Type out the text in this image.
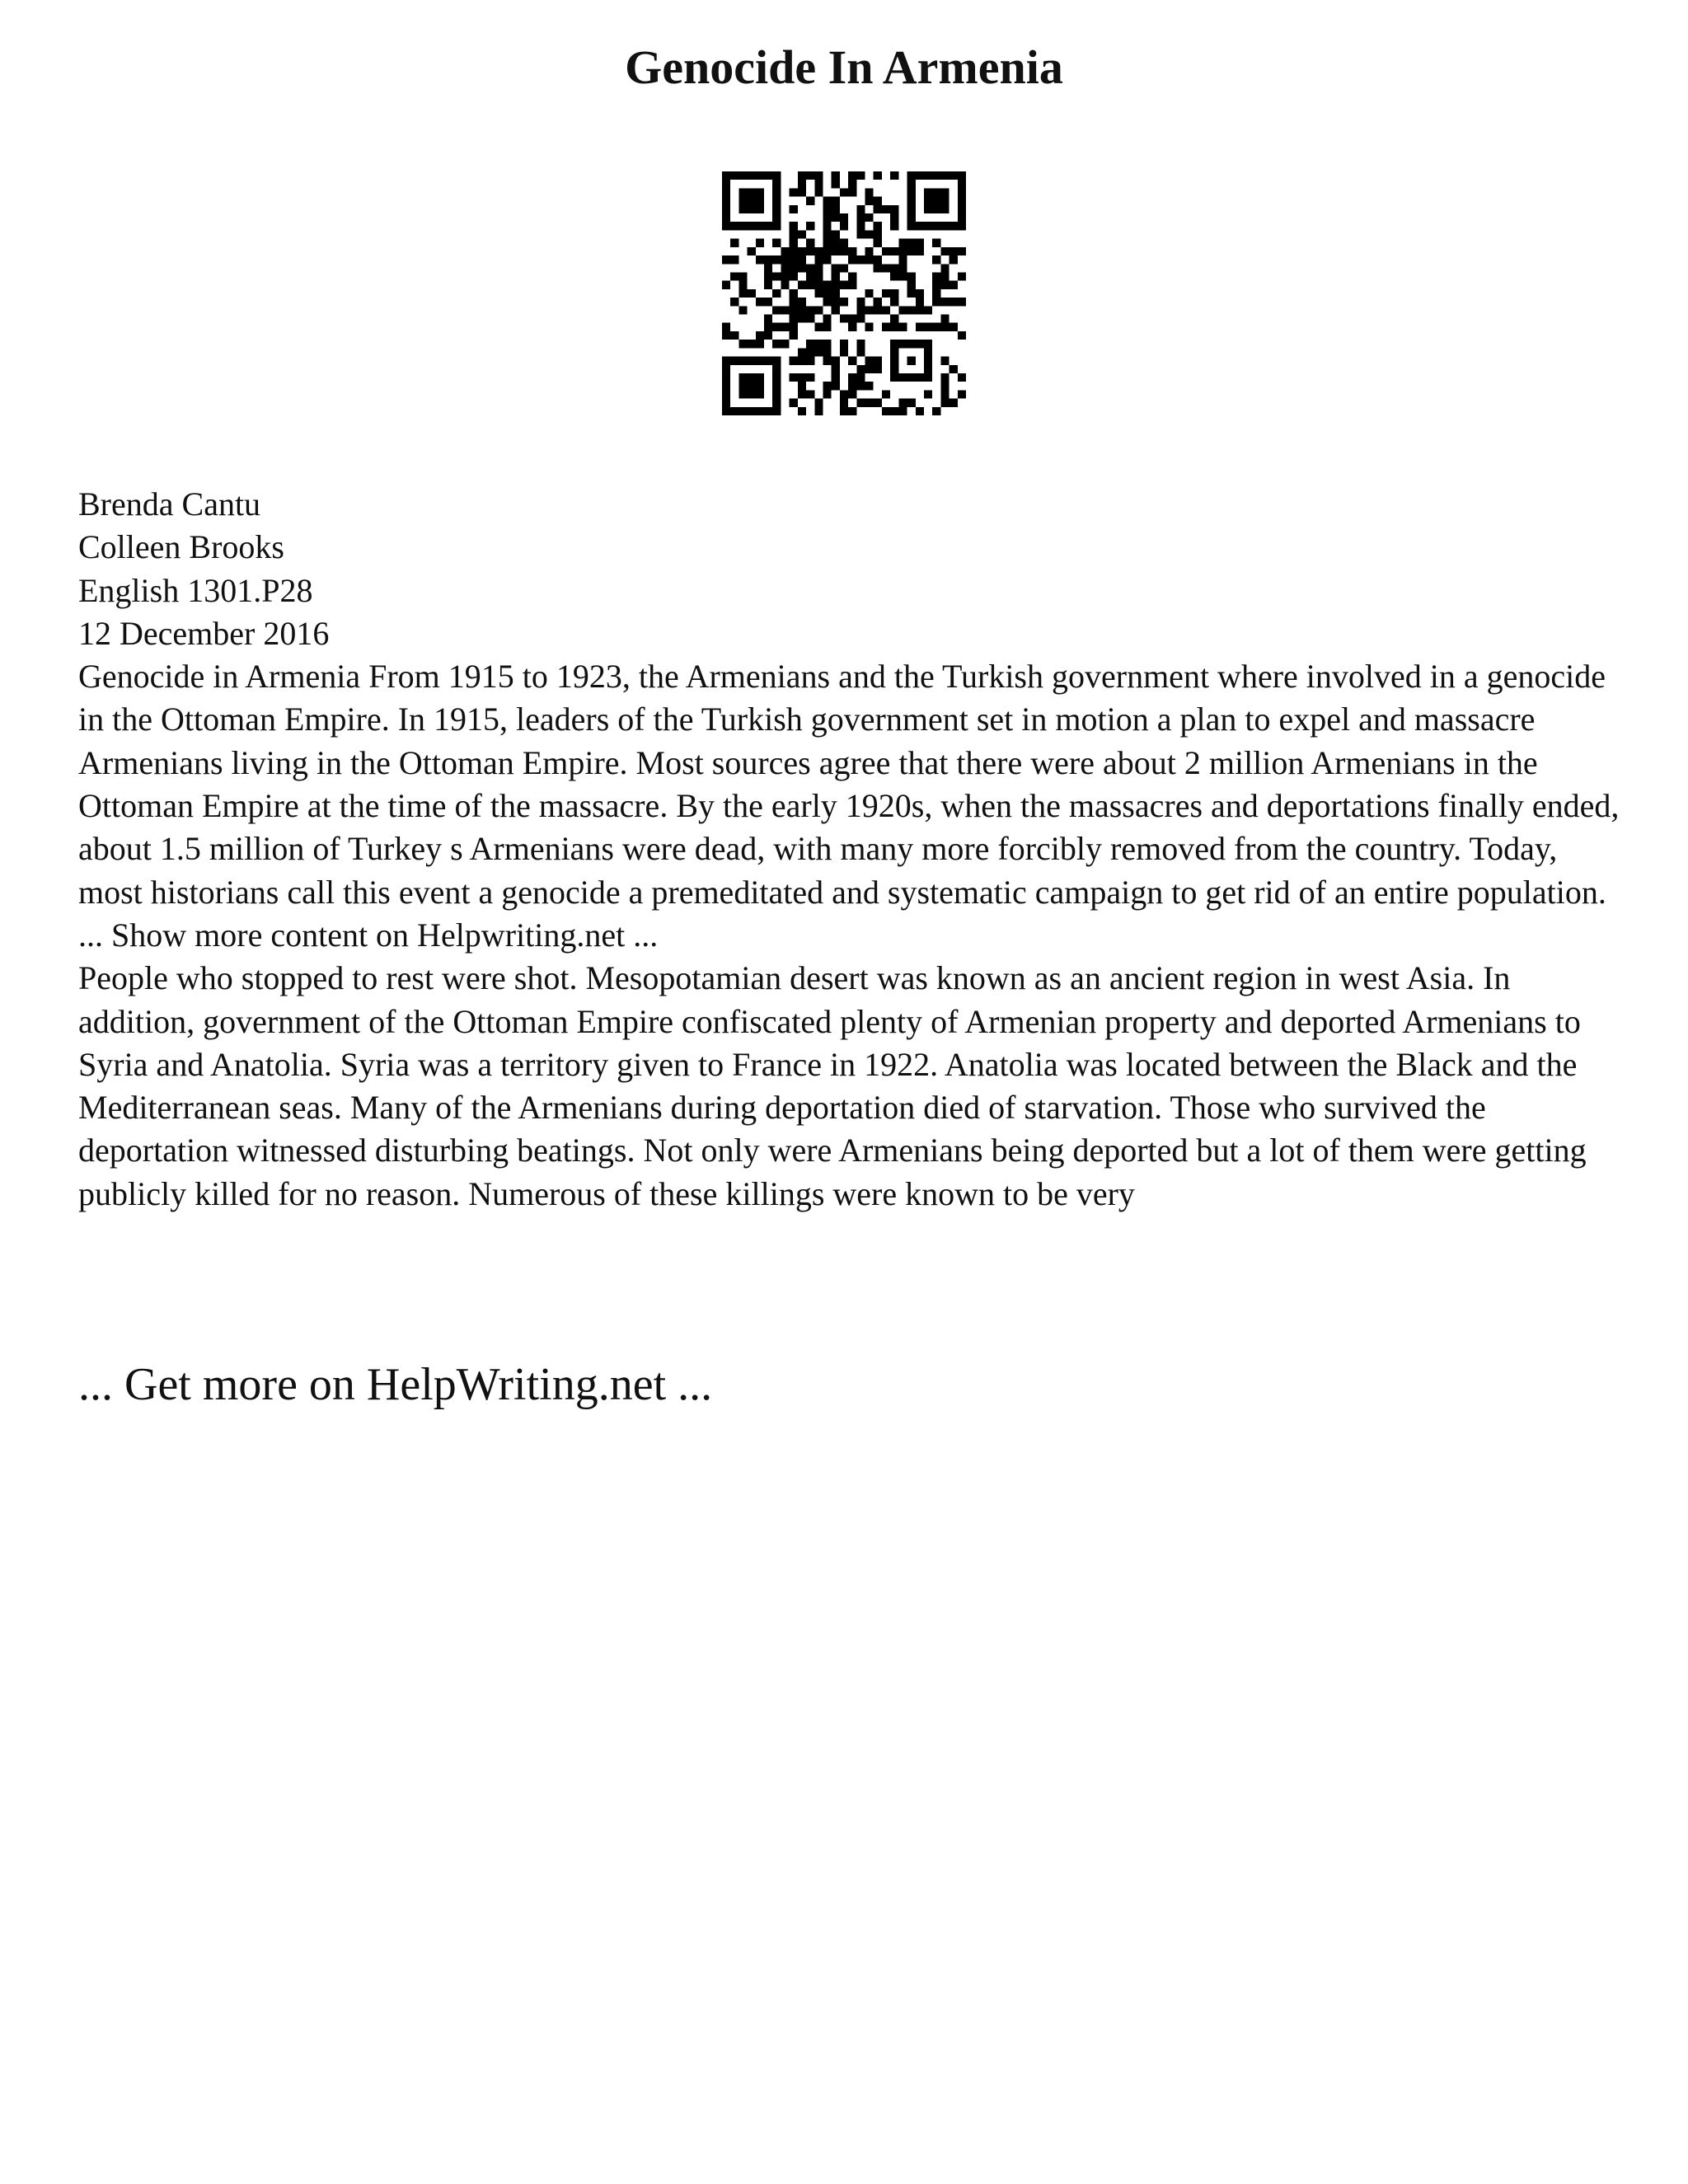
Genocide In Armenia

Brenda Cantu

Colleen Brooks

English 1301.P28

12 December 2016

Genocide in Armenia From 1915 to 1923, the Armenians and the Turkish government where involved in a genocide in the Ottoman Empire. In 1915, leaders of the Turkish government set in motion a plan to expel and massacre Armenians living in the Ottoman Empire. Most sources agree that there were about 2 million Armenians in the Ottoman Empire at the time of the massacre. By the early 1920s, when the massacres and deportations finally ended, about 1.5 million of Turkey s Armenians were dead, with many more forcibly removed from the country. Today, most historians call this event a genocide a premeditated and systematic campaign to get rid of an entire population. ... Show more content on Helpwriting.net ...

People who stopped to rest were shot. Mesopotamian desert was known as an ancient region in west Asia. In addition, government of the Ottoman Empire confiscated plenty of Armenian property and deported Armenians to Syria and Anatolia. Syria was a territory given to France in 1922. Anatolia was located between the Black and the Mediterranean seas. Many of the Armenians during deportation died of starvation. Those who survived the deportation witnessed disturbing beatings. Not only were Armenians being deported but a lot of them were getting publicly killed for no reason. Numerous of these killings were known to be very

... Get more on HelpWriting.net ...
